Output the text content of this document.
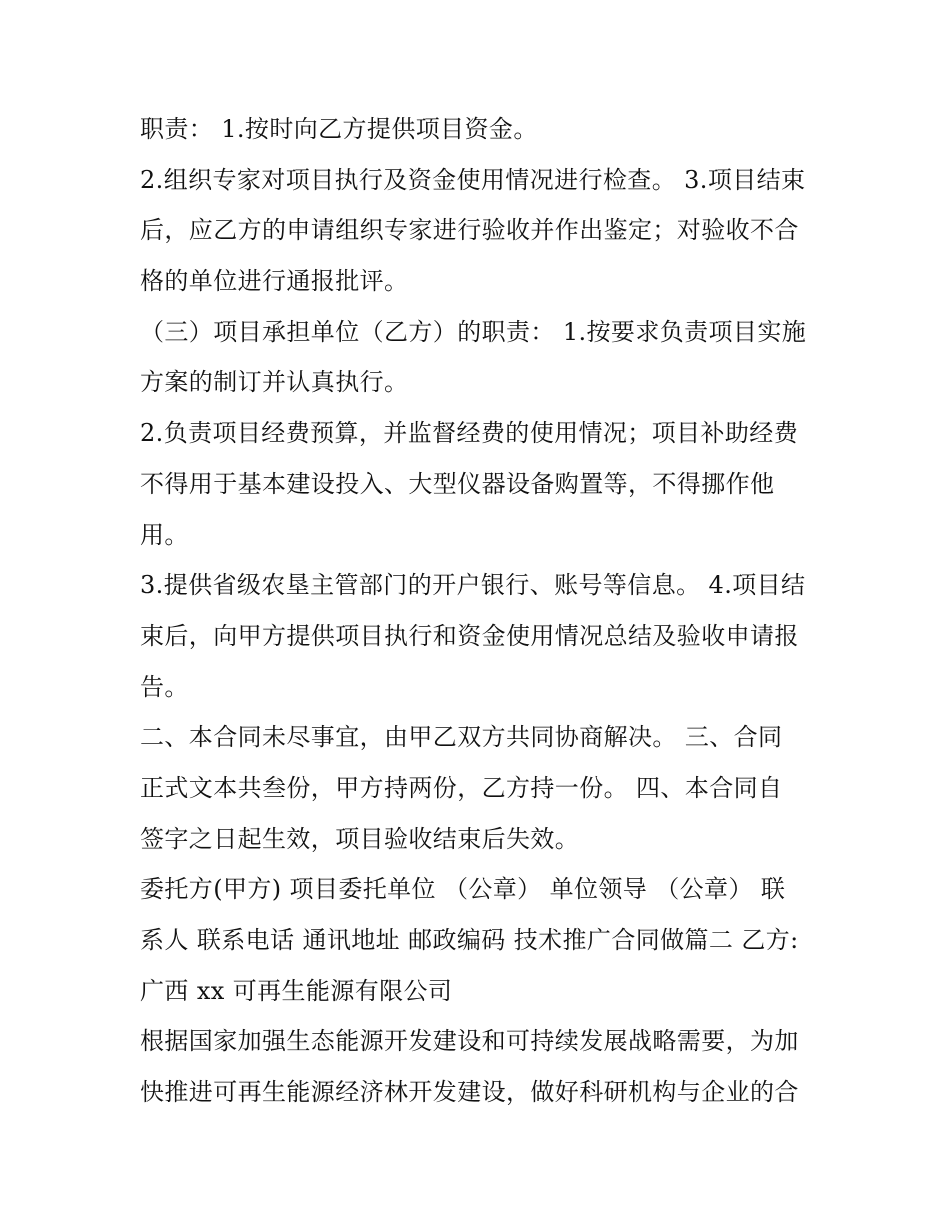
职责： 1.按时向乙方提供项目资金。
2.组织专家对项目执行及资金使用情况进行检查。 3.项目结束
后，应乙方的申请组织专家进行验收并作出鉴定；对验收不合
格的单位进行通报批评。
（三）项目承担单位（乙方）的职责： 1.按要求负责项目实施
方案的制订并认真执行。
2.负责项目经费预算，并监督经费的使用情况；项目补助经费
不得用于基本建设投入、大型仪器设备购置等，不得挪作他
用。
3.提供省级农垦主管部门的开户银行、账号等信息。 4.项目结
束后，向甲方提供项目执行和资金使用情况总结及验收申请报
告。
二、本合同未尽事宜，由甲乙双方共同协商解决。 三、合同
正式文本共叁份，甲方持两份，乙方持一份。 四、本合同自
签字之日起生效，项目验收结束后失效。
委托方(甲方) 项目委托单位 （公章） 单位领导 （公章） 联
系人 联系电话 通讯地址 邮政编码 技术推广合同做篇二 乙方:
广西 xx 可再生能源有限公司
根据国家加强生态能源开发建设和可持续发展战略需要，为加
快推进可再生能源经济林开发建设，做好科研机构与企业的合
